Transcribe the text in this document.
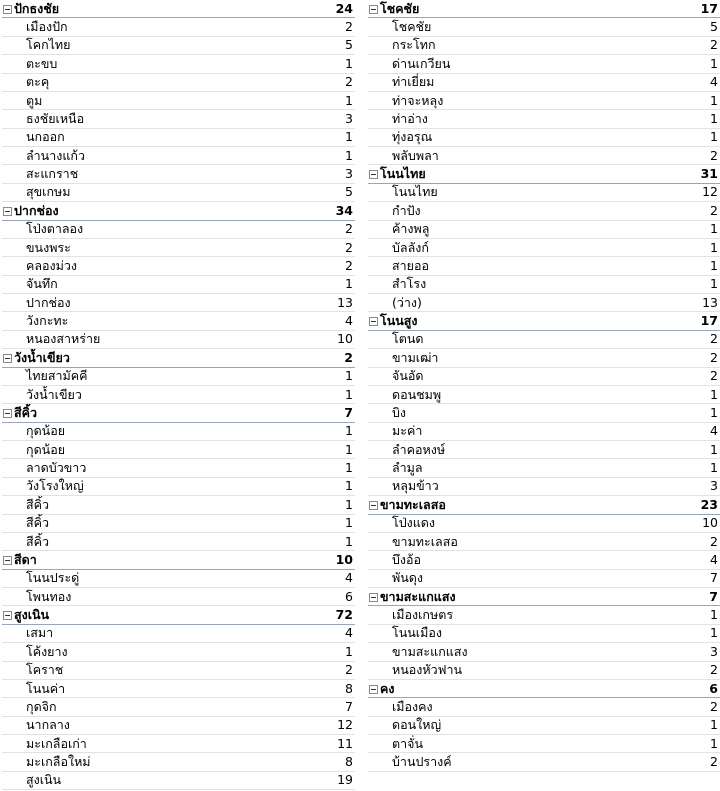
ปักธงชัย	24
เมืองปัก	2
โคกไทย	5
ตะขบ	1
ตะคุ	2
ตูม	1
ธงชัยเหนือ	3
นกออก	1
ลำนางแก้ว	1
สะแกราช	3
สุขเกษม	5
ปากช่อง	34
โป่งตาลอง	2
ขนงพระ	2
คลองม่วง	2
จันทึก	1
ปากช่อง	13
วังกะทะ	4
หนองสาหร่าย	10
วังน้ำเขียว	2
ไทยสามัคคี	1
วังน้ำเขียว	1
สีคิ้ว	7
กุดน้อย	1
กุดน้อย	1
ลาดบัวขาว	1
วังโรงใหญ่	1
สีคิ้ว	1
สีคิ้ว	1
สีคิ้ว	1
สีดา	10
โนนประดู่	4
โพนทอง	6
สูงเนิน	72
เสมา	4
โค้งยาง	1
โคราช	2
โนนค่า	8
กุดจิก	7
นากลาง	12
มะเกลือเก่า	11
มะเกลือใหม่	8
สูงเนิน	19
โชคชัย	17
โชคชัย	5
กระโทก	2
ด่านเกวียน	1
ท่าเยี่ยม	4
ท่าจะหลุง	1
ท่าอ่าง	1
ทุ่งอรุณ	1
พลับพลา	2
โนนไทย	31
โนนไทย	12
กำปัง	2
ค้างพลู	1
บัลลังก์	1
สายออ	1
สำโรง	1
(ว่าง)	13
โนนสูง	17
โตนด	2
ขามเฒ่า	2
จันอัด	2
ดอนชมพู	1
บิง	1
มะค่า	4
ลำคอหงษ์	1
ลำมูล	1
หลุมข้าว	3
ขามทะเลสอ	23
โป่งแดง	10
ขามทะเลสอ	2
บึงอ้อ	4
พันดุง	7
ขามสะแกแสง	7
เมืองเกษตร	1
โนนเมือง	1
ขามสะแกแสง	3
หนองหัวฟาน	2
คง	6
เมืองคง	2
ดอนใหญ่	1
ตาจั่น	1
บ้านปรางค์	2
